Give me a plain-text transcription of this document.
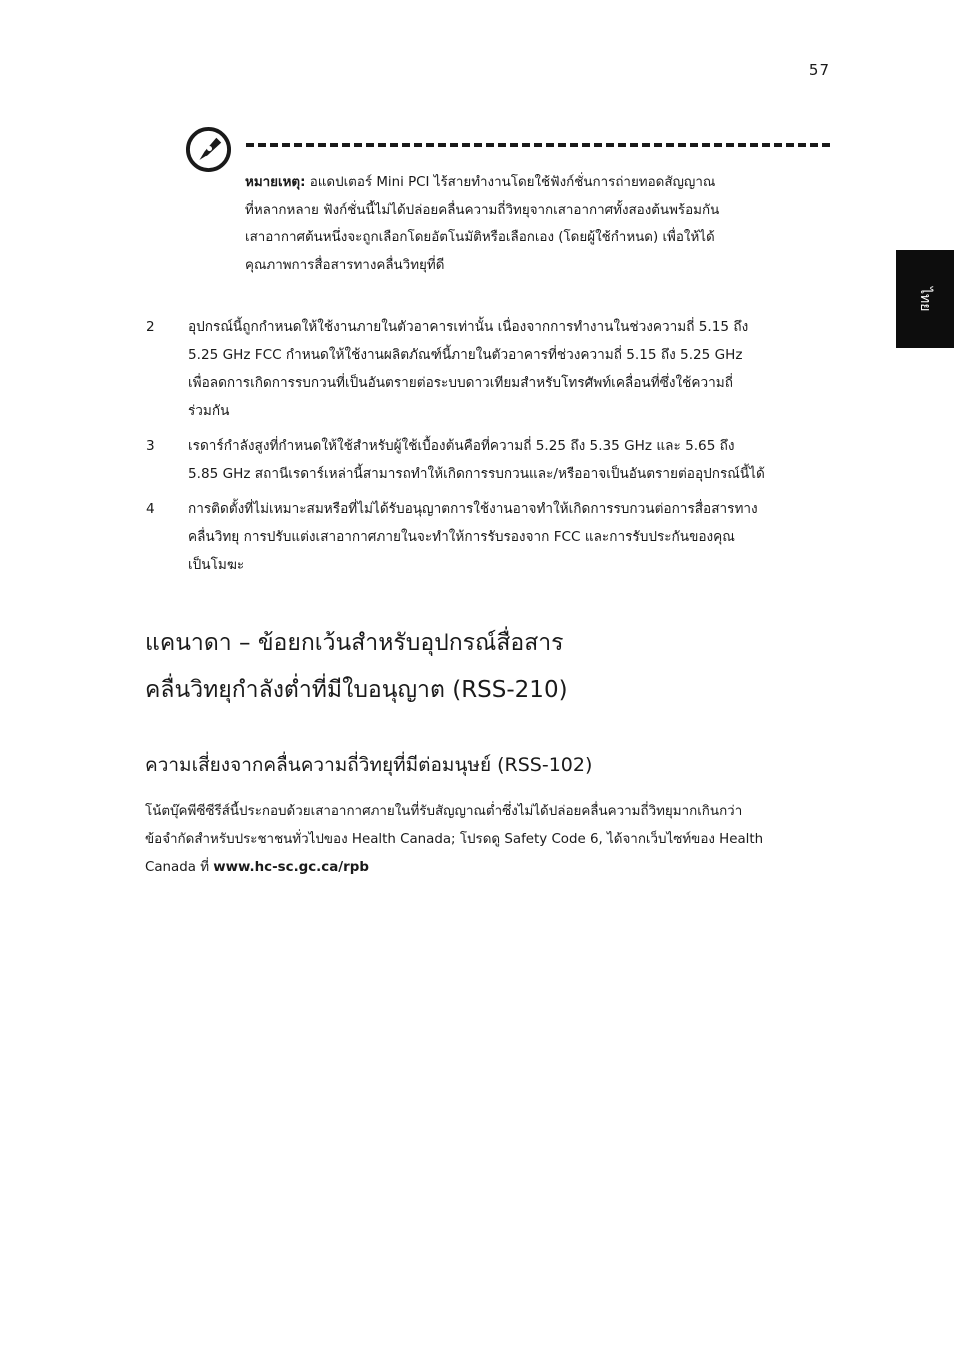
57
ไทย
หมายเหตุ: อแดปเตอร์ Mini PCI ไร้สายทำงานโดยใช้ฟังก์ชั่นการถ่ายทอดสัญญาณ
ที่หลากหลาย ฟังก์ชั่นนี้ไม่ได้ปล่อยคลื่นความถี่วิทยุจากเสาอากาศทั้งสองต้นพร้อมกัน
เสาอากาศต้นหนึ่งจะถูกเลือกโดยอัตโนมัติหรือเลือกเอง (โดยผู้ใช้กำหนด) เพื่อให้ได้
คุณภาพการสื่อสารทางคลื่นวิทยุที่ดี
2 อุปกรณ์นี้ถูกกำหนดให้ใช้งานภายในตัวอาคารเท่านั้น เนื่องจากการทำงานในช่วงความถี่ 5.15 ถึง
5.25 GHz FCC กำหนดให้ใช้งานผลิตภัณฑ์นี้ภายในตัวอาคารที่ช่วงความถี่ 5.15 ถึง 5.25 GHz
เพื่อลดการเกิดการรบกวนที่เป็นอันตรายต่อระบบดาวเทียมสำหรับโทรศัพท์เคลื่อนที่ซึ่งใช้ความถี่
ร่วมกัน
3 เรดาร์กำลังสูงที่กำหนดให้ใช้สำหรับผู้ใช้เบื้องต้นคือที่ความถี่ 5.25 ถึง 5.35 GHz และ 5.65 ถึง
5.85 GHz สถานีเรดาร์เหล่านี้สามารถทำให้เกิดการรบกวนและ/หรืออาจเป็นอันตรายต่ออุปกรณ์นี้ได้
4 การติดตั้งที่ไม่เหมาะสมหรือที่ไม่ได้รับอนุญาตการใช้งานอาจทำให้เกิดการรบกวนต่อการสื่อสารทาง
คลื่นวิทยุ การปรับแต่งเสาอากาศภายในจะทำให้การรับรองจาก FCC และการรับประกันของคุณ
เป็นโมฆะ
แคนาดา – ข้อยกเว้นสำหรับอุปกรณ์สื่อสาร
คลื่นวิทยุกำลังต่ำที่มีใบอนุญาต (RSS-210)
ความเสี่ยงจากคลื่นความถี่วิทยุที่มีต่อมนุษย์ (RSS-102)
โน้ตบุ๊คพีซีซีรีส์นี้ประกอบด้วยเสาอากาศภายในที่รับสัญญาณต่ำซึ่งไม่ได้ปล่อยคลื่นความถี่วิทยุมากเกินกว่า
ข้อจำกัดสำหรับประชาชนทั่วไปของ Health Canada; โปรดดู Safety Code 6, ได้จากเว็บไซท์ของ Health
Canada ที่ www.hc-sc.gc.ca/rpb
